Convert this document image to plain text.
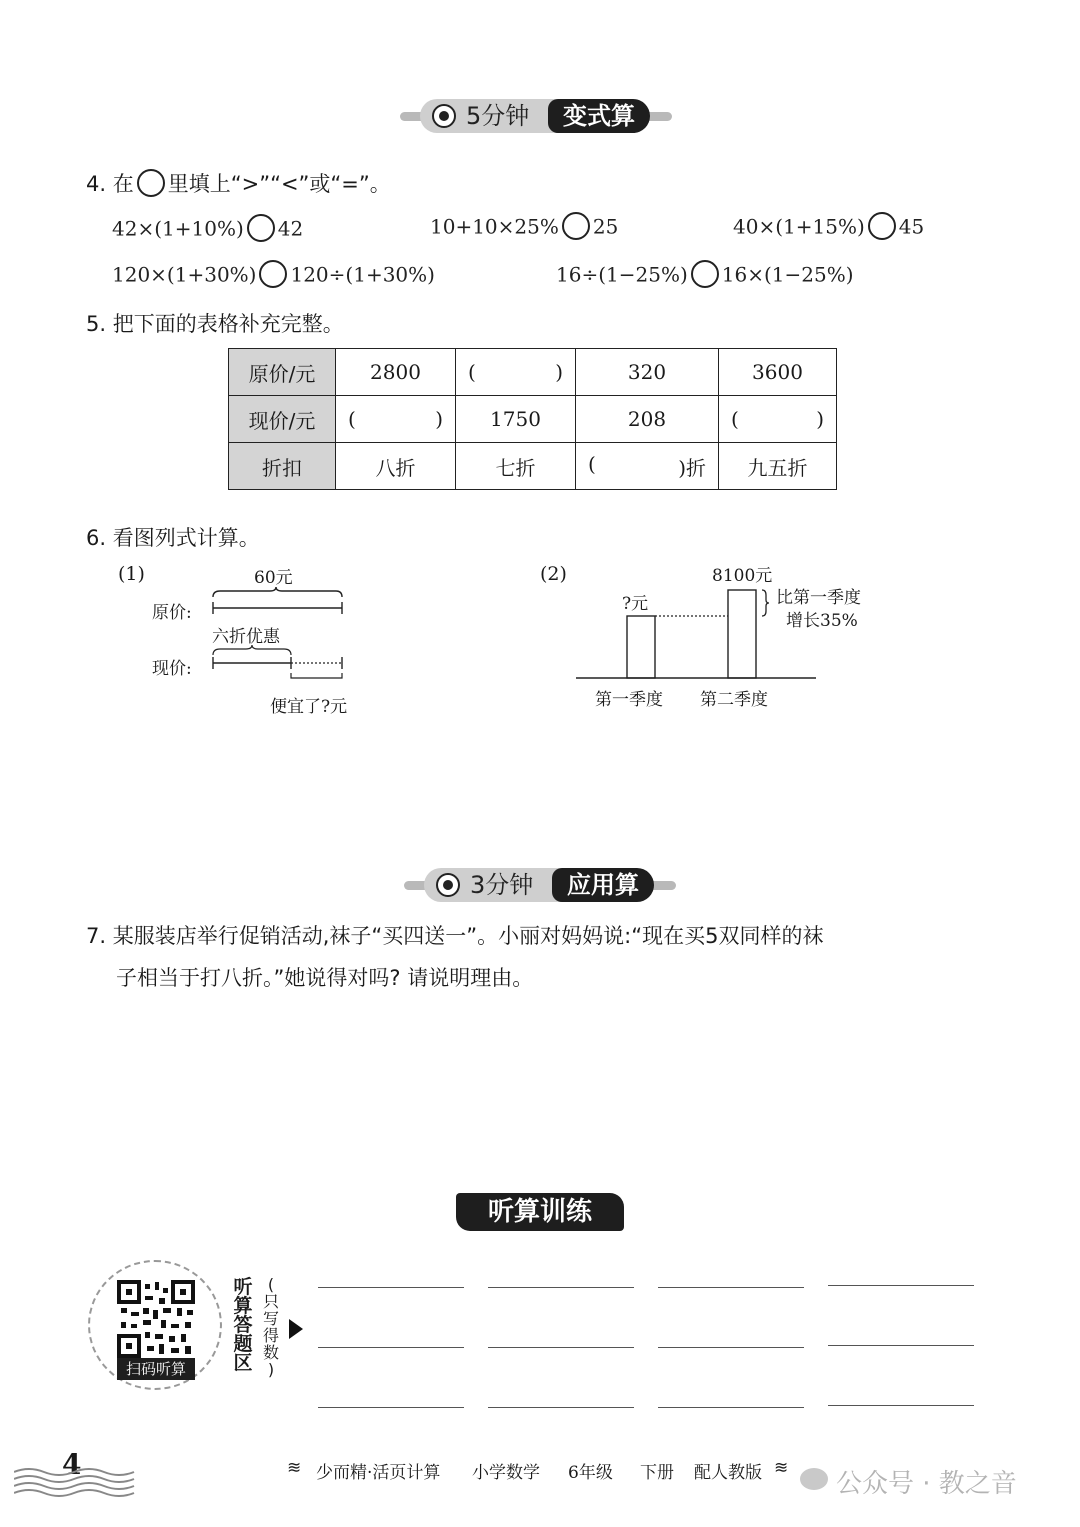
5分钟	变式算
4. 在 里填上“>”“<”或“=”。
42×(1+10%) 42	10+10×25% 25	40×(1+15%) 45
120×(1+30%) 120÷(1+30%)	16÷(1−25%) 16×(1−25%)
5. 把下面的表格补充完整。
原价/元	2800	( )	320	3600
现价/元	( )	1750	208	( )

折扣	八折	七折	( )折	九五折
6. 看图列式计算。
(1)	60元
原价:
六折优惠
现价:
便宜了?元
(2)	8100元
?元	比第一季度
增长35%
第一季度 第二季度
3分钟	应用算
7. 某服装店举行促销活动,袜子“买四送一”。小丽对妈妈说:“现在买5双同样的袜
子相当于打八折。”她说得对吗? 请说明理由。
听算训练
扫码听算
听
算
答
题
区
(
只
写
得
数
)
4	≋ 少而精·活页计算 小学数学 6年级 下册 配人教版 ≋
公众号 · 教之音
